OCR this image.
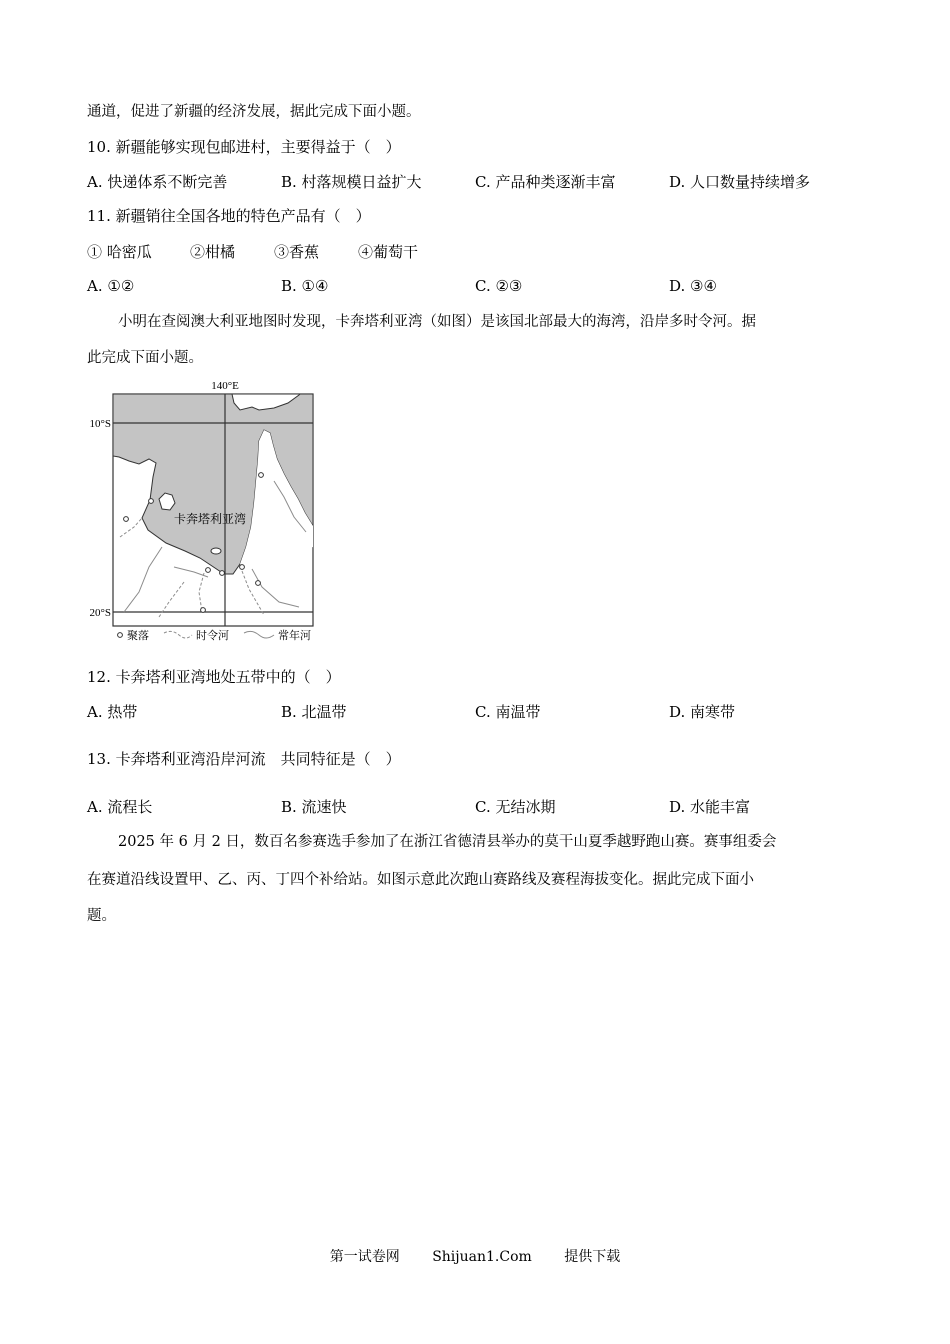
通道，促进了新疆的经济发展，据此完成下面小题。
10. 新疆能够实现包邮进村，主要得益于（　）
A. 快递体系不断完善	B. 村落规模日益扩大	C. 产品种类逐渐丰富	D. 人口数量持续增多
11. 新疆销往全国各地的特色产品有（　）
① 哈密瓜	②柑橘	③香蕉	④葡萄干
A. ①②	B. ①④	C. ②③	D. ③④
小明在查阅澳大利亚地图时发现，卡奔塔利亚湾（如图）是该国北部最大的海湾，沿岸多时令河。据
此完成下面小题。
140°E
10°S
20°S
卡奔塔利亚湾
聚落	时令河	常年河
12. 卡奔塔利亚湾地处五带中的（　）
A. 热带	B. 北温带	C. 南温带	D. 南寒带
13. 卡奔塔利亚湾沿岸河流　共同特征是（　）
A. 流程长	B. 流速快	C. 无结冰期	D. 水能丰富
2025 年 6 月 2 日，数百名参赛选手参加了在浙江省德清县举办的莫干山夏季越野跑山赛。赛事组委会
在赛道沿线设置甲、乙、丙、丁四个补给站。如图示意此次跑山赛路线及赛程海拔变化。据此完成下面小
题。
第一试卷网 Shijuan1.Com 提供下载
